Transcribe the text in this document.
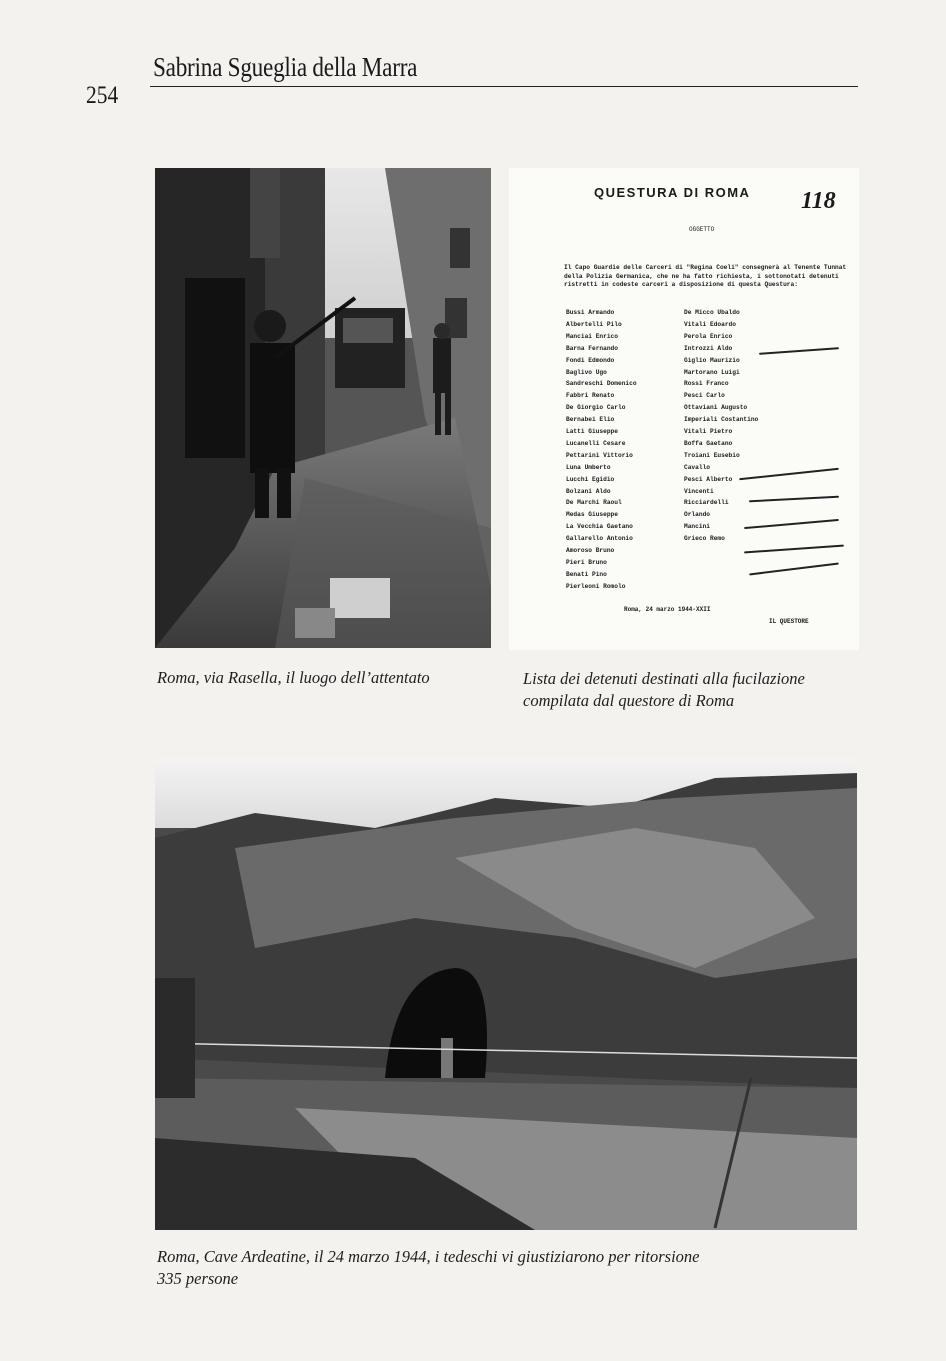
Sabrina Sgueglia della Marra
254
QUESTURA DI ROMA 118
OGGETTO
Il Capo Guardie delle Carceri di "Regina Coeli" consegnerà al Tenente Tunnat della Polizia Germanica, che ne ha fatto richiesta, i sottonotati detenuti ristretti in codeste carceri a disposizione di questa Questura:
Bussi Armando
Albertelli Pilo
Manciai Enrico
Barna Fernando
Fondi Edmondo
Baglivo Ugo
Sandreschi Domenico
Fabbri Renato
De Giorgio Carlo
Bernabei Elio
Latti Giuseppe
Lucanelli Cesare
Pettarini Vittorio
Luna Umberto
Lucchi Egidio
Bolzani Aldo
De Marchi Raoul
Medas Giuseppe
La Vecchia Gaetano
Gallarello Antonio
Amoroso Bruno
Pieri Bruno
Benati Pino
Pierleoni Romolo
De Micco Ubaldo
Vitali Edoardo
Perola Enrico
Introzzi Aldo
Giglio Maurizio
Martorano Luigi
Rossi Franco
Pesci Carlo
Ottaviani Augusto
Imperiali Costantino
Vitali Pietro
Boffa Gaetano
Troiani Eusebio
Cavallo
Pesci Alberto
Vincenti
Ricciardelli
Orlando
Mancini
Grieco Remo
Roma, 24 marzo 1944-XXII
IL QUESTORE
Roma, via Rasella, il luogo dell’attentato	Lista dei detenuti destinati alla fucilazione
compilata dal questore di Roma
Roma, Cave Ardeatine, il 24 marzo 1944, i tedeschi vi giustiziarono per ritorsione
335 persone
